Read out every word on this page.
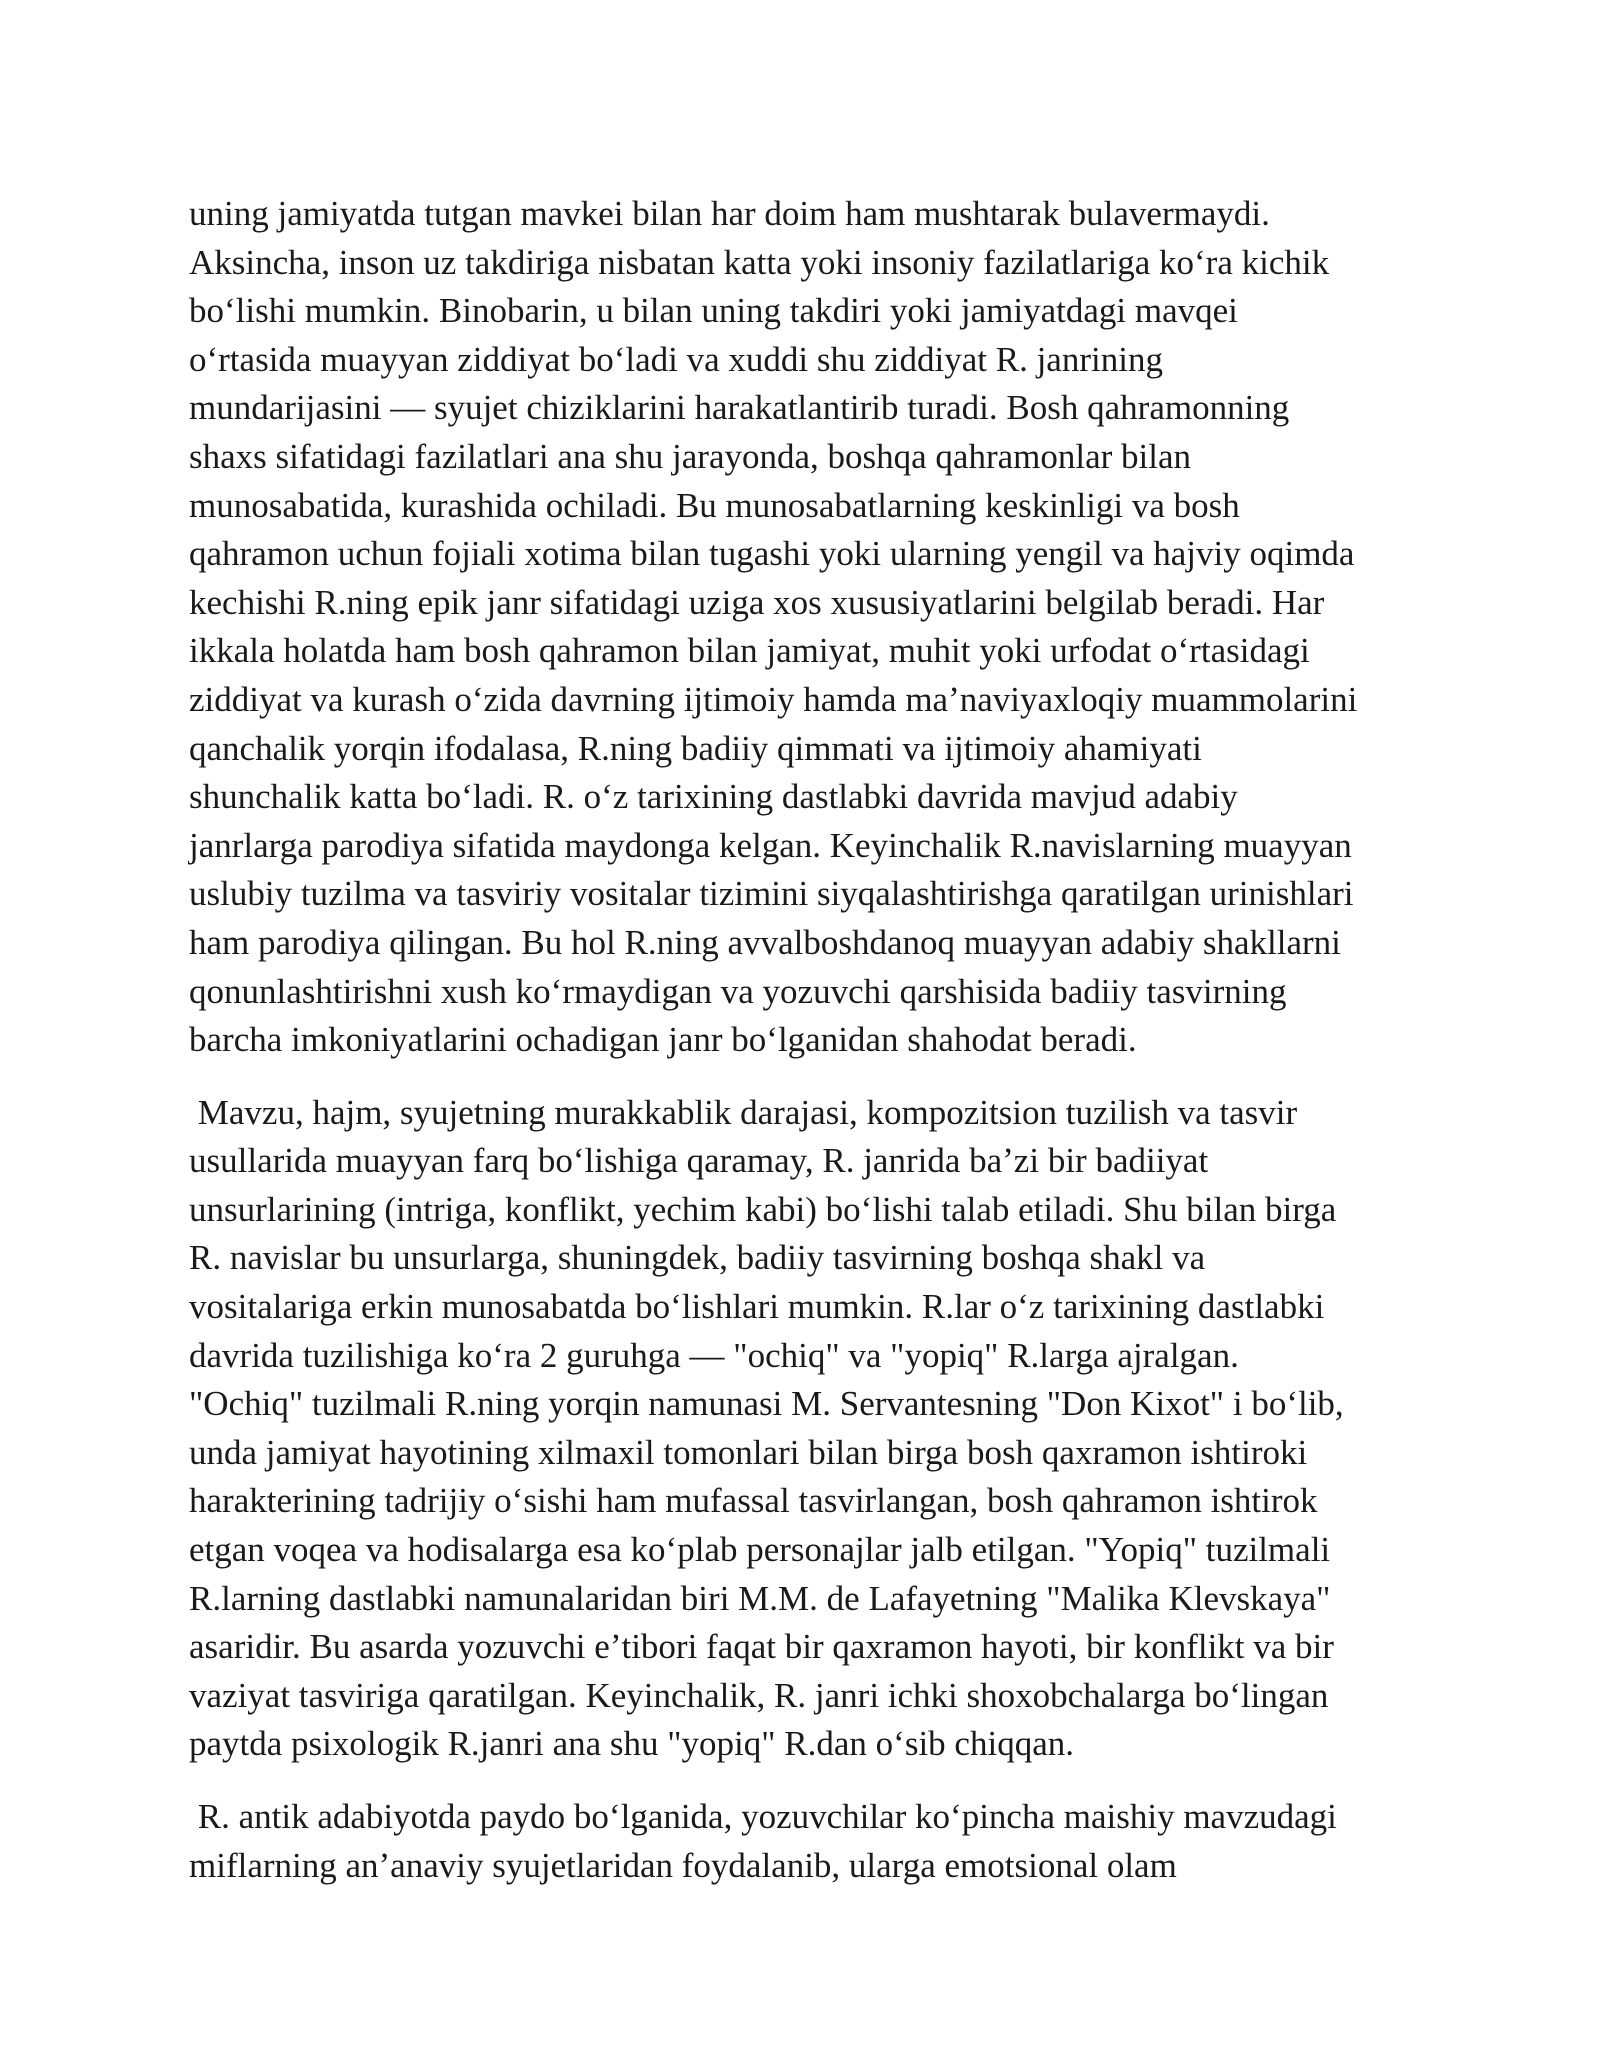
uning jamiyatda tutgan mavkei bilan har doim ham mushtarak bulavermaydi.
Aksincha, inson uz takdiriga nisbatan katta yoki insoniy fazilatlariga koʻra kichik
boʻlishi mumkin. Binobarin, u bilan uning takdiri yoki jamiyatdagi mavqei
oʻrtasida muayyan ziddiyat boʻladi va xuddi shu ziddiyat R. janrining
mundarijasini — syujet chiziklarini harakatlantirib turadi. Bosh qahramonning
shaxs sifatidagi fazilatlari ana shu jarayonda, boshqa qahramonlar bilan
munosabatida, kurashida ochiladi. Bu munosabatlarning keskinligi va bosh
qahramon uchun fojiali xotima bilan tugashi yoki ularning yengil va hajviy oqimda
kechishi R.ning epik janr sifatidagi uziga xos xususiyatlarini belgilab beradi. Har
ikkala holatda ham bosh qahramon bilan jamiyat, muhit yoki urfodat oʻrtasidagi
ziddiyat va kurash oʻzida davrning ijtimoiy hamda maʼnaviyaxloqiy muammolarini
qanchalik yorqin ifodalasa, R.ning badiiy qimmati va ijtimoiy ahamiyati
shunchalik katta boʻladi. R. oʻz tarixining dastlabki davrida mavjud adabiy
janrlarga parodiya sifatida maydonga kelgan. Keyinchalik R.navislarning muayyan
uslubiy tuzilma va tasviriy vositalar tizimini siyqalashtirishga qaratilgan urinishlari
ham parodiya qilingan. Bu hol R.ning avvalboshdanoq muayyan adabiy shakllarni
qonunlashtirishni xush koʻrmaydigan va yozuvchi qarshisida badiiy tasvirning
barcha imkoniyatlarini ochadigan janr boʻlganidan shahodat beradi.

Mavzu, hajm, syujetning murakkablik darajasi, kompozitsion tuzilish va tasvir
usullarida muayyan farq boʻlishiga qaramay, R. janrida baʼzi bir badiiyat
unsurlarining (intriga, konflikt, yechim kabi) boʻlishi talab etiladi. Shu bilan birga
R. navislar bu unsurlarga, shuningdek, badiiy tasvirning boshqa shakl va
vositalariga erkin munosabatda boʻlishlari mumkin. R.lar oʻz tarixining dastlabki
davrida tuzilishiga koʻra 2 guruhga — "ochiq" va "yopiq" R.larga ajralgan.
"Ochiq" tuzilmali R.ning yorqin namunasi M. Servantesning "Don Kixot" i boʻlib,
unda jamiyat hayotining xilmaxil tomonlari bilan birga bosh qaxramon ishtiroki
harakterining tadrijiy oʻsishi ham mufassal tasvirlangan, bosh qahramon ishtirok
etgan voqea va hodisalarga esa koʻplab personajlar jalb etilgan. "Yopiq" tuzilmali
R.larning dastlabki namunalaridan biri M.M. de Lafayetning "Malika Klevskaya"
asaridir. Bu asarda yozuvchi eʼtibori faqat bir qaxramon hayoti, bir konflikt va bir
vaziyat tasviriga qaratilgan. Keyinchalik, R. janri ichki shoxobchalarga boʻlingan
paytda psixologik R.janri ana shu "yopiq" R.dan oʻsib chiqqan.

R. antik adabiyotda paydo boʻlganida, yozuvchilar koʻpincha maishiy mavzudagi
miflarning anʼanaviy syujetlaridan foydalanib, ularga emotsional olam
